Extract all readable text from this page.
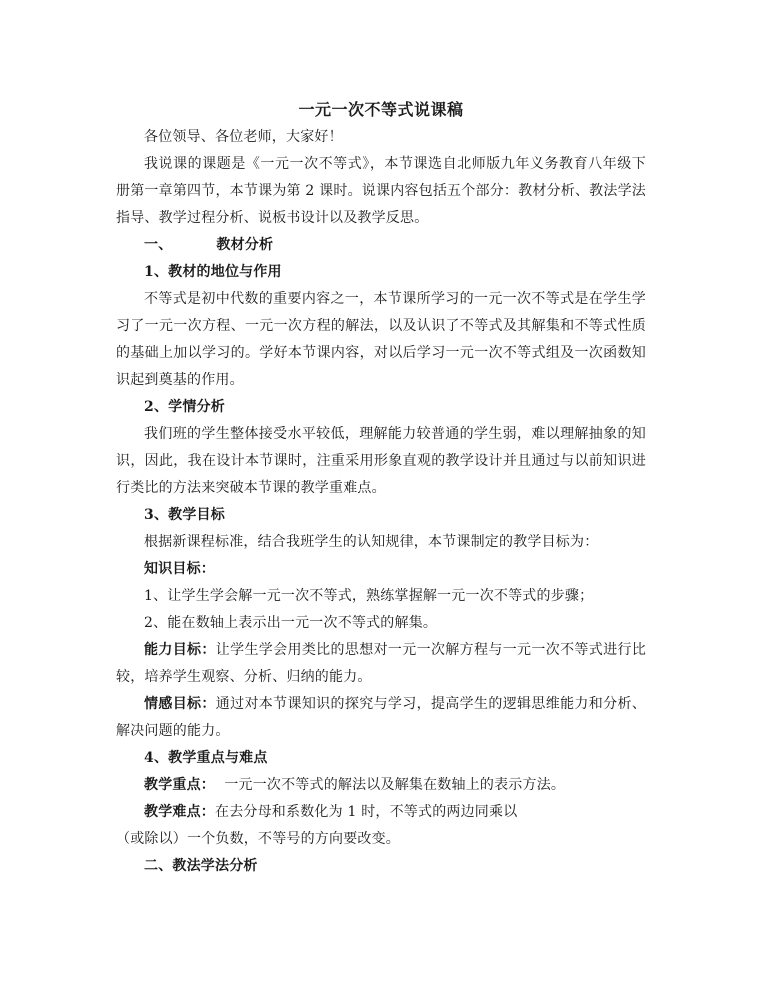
一元一次不等式说课稿

各位领导、各位老师，大家好！

我说课的课题是《一元一次不等式》，本节课选自北师版九年义务教育八年级下册第一章第四节，本节课为第 2 课时。说课内容包括五个部分：教材分析、教法学法指导、教学过程分析、说板书设计以及教学反思。

一、	教材分析

1、教材的地位与作用

不等式是初中代数的重要内容之一，本节课所学习的一元一次不等式是在学生学习了一元一次方程、一元一次方程的解法，以及认识了不等式及其解集和不等式性质的基础上加以学习的。学好本节课内容，对以后学习一元一次不等式组及一次函数知识起到奠基的作用。

2、学情分析

我们班的学生整体接受水平较低，理解能力较普通的学生弱，难以理解抽象的知识，因此，我在设计本节课时，注重采用形象直观的教学设计并且通过与以前知识进行类比的方法来突破本节课的教学重难点。

3、教学目标

根据新课程标准，结合我班学生的认知规律，本节课制定的教学目标为：

知识目标：

1、让学生学会解一元一次不等式，熟练掌握解一元一次不等式的步骤；

2、能在数轴上表示出一元一次不等式的解集。

能力目标：让学生学会用类比的思想对一元一次解方程与一元一次不等式进行比较，培养学生观察、分析、归纳的能力。

情感目标：通过对本节课知识的探究与学习，提高学生的逻辑思维能力和分析、解决问题的能力。

4、教学重点与难点

教学重点： 一元一次不等式的解法以及解集在数轴上的表示方法。

教学难点：在去分母和系数化为 1 时，不等式的两边同乘以

（或除以）一个负数，不等号的方向要改变。

二、教法学法分析
